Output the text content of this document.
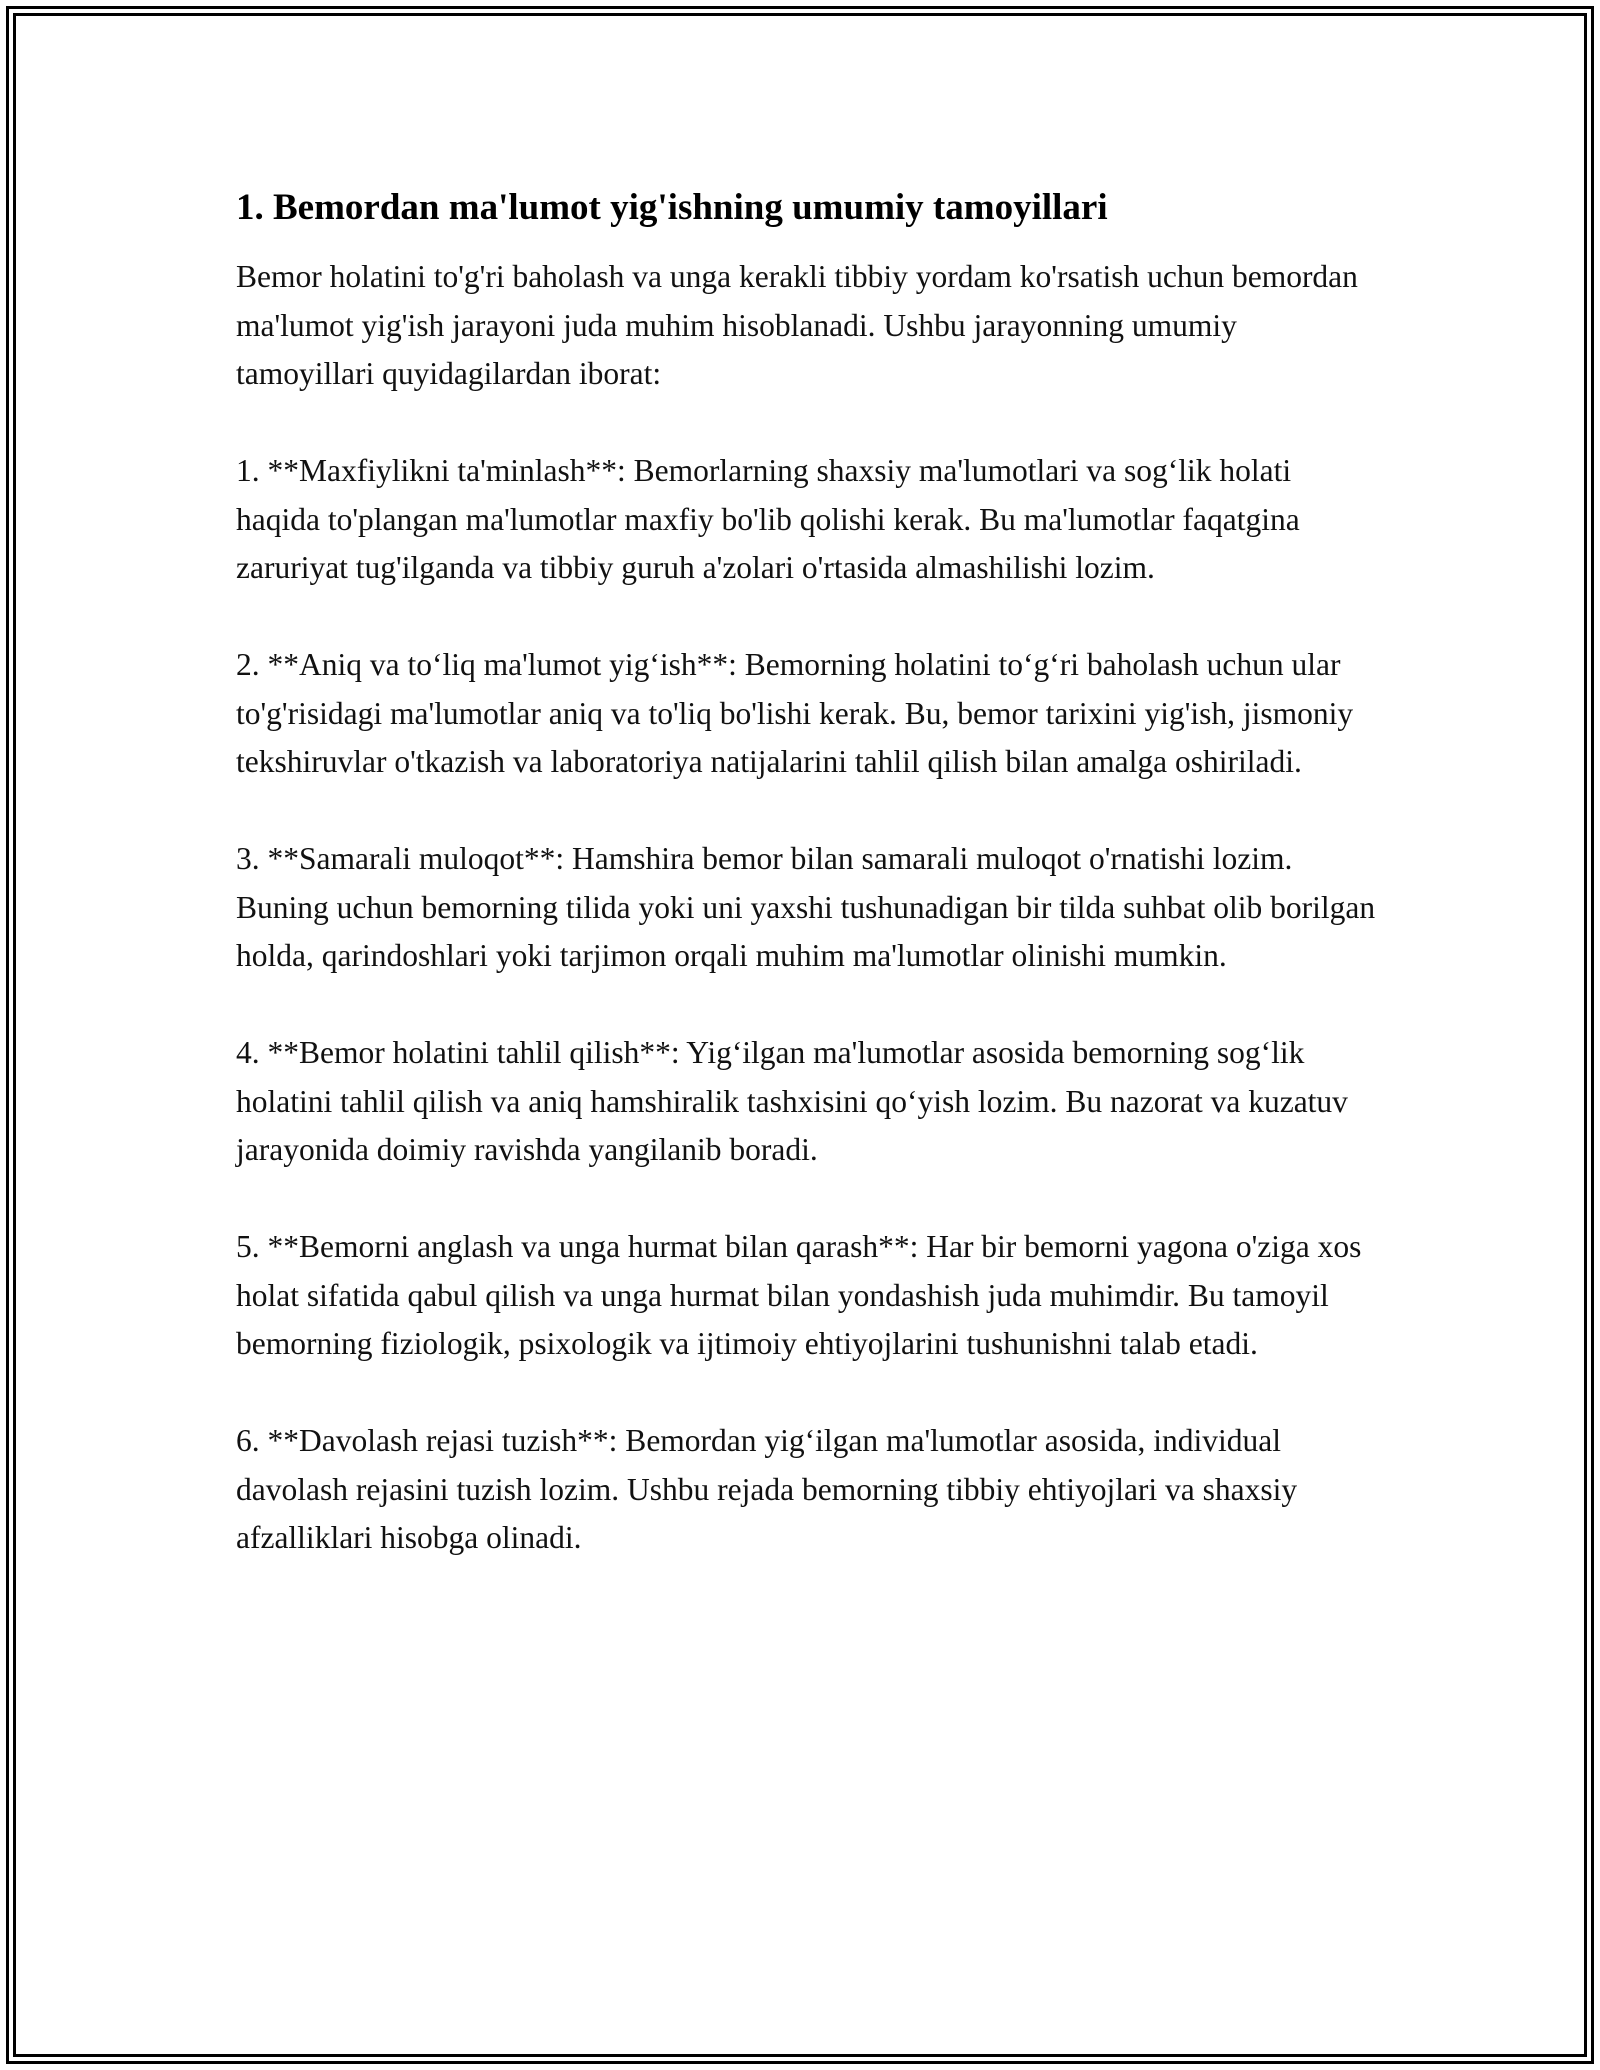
1. Bemordan ma'lumot yig'ishning umumiy tamoyillari

Bemor holatini to'g'ri baholash va unga kerakli tibbiy yordam ko'rsatish uchun bemordan ma'lumot yig'ish jarayoni juda muhim hisoblanadi. Ushbu jarayonning umumiy tamoyillari quyidagilardan iborat:

1. **Maxfiylikni ta'minlash**: Bemorlarning shaxsiy ma'lumotlari va sog‘lik holati haqida to'plangan ma'lumotlar maxfiy bo'lib qolishi kerak. Bu ma'lumotlar faqatgina zaruriyat tug'ilganda va tibbiy guruh a'zolari o'rtasida almashilishi lozim.

2. **Aniq va to‘liq ma'lumot yig‘ish**: Bemorning holatini to‘g‘ri baholash uchun ular to'g'risidagi ma'lumotlar aniq va to'liq bo'lishi kerak. Bu, bemor tarixini yig'ish, jismoniy tekshiruvlar o'tkazish va laboratoriya natijalarini tahlil qilish bilan amalga oshiriladi.

3. **Samarali muloqot**: Hamshira bemor bilan samarali muloqot o'rnatishi lozim. Buning uchun bemorning tilida yoki uni yaxshi tushunadigan bir tilda suhbat olib borilgan holda, qarindoshlari yoki tarjimon orqali muhim ma'lumotlar olinishi mumkin.

4. **Bemor holatini tahlil qilish**: Yig‘ilgan ma'lumotlar asosida bemorning sog‘lik holatini tahlil qilish va aniq hamshiralik tashxisini qo‘yish lozim. Bu nazorat va kuzatuv jarayonida doimiy ravishda yangilanib boradi.

5. **Bemorni anglash va unga hurmat bilan qarash**: Har bir bemorni yagona o'ziga xos holat sifatida qabul qilish va unga hurmat bilan yondashish juda muhimdir. Bu tamoyil bemorning fiziologik, psixologik va ijtimoiy ehtiyojlarini tushunishni talab etadi.

6. **Davolash rejasi tuzish**: Bemordan yig‘ilgan ma'lumotlar asosida, individual davolash rejasini tuzish lozim. Ushbu rejada bemorning tibbiy ehtiyojlari va shaxsiy afzalliklari hisobga olinadi.
